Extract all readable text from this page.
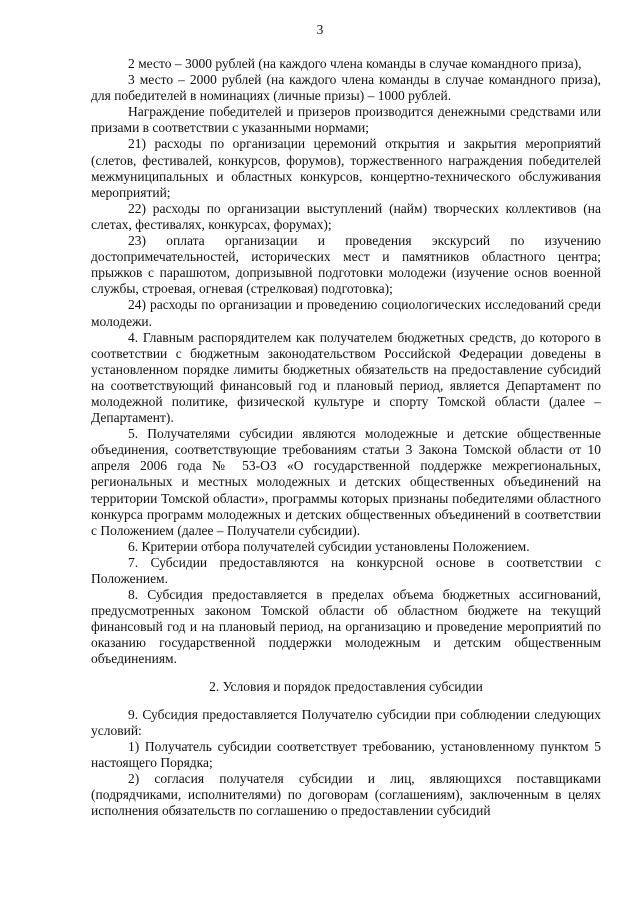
3

2 место – 3000 рублей (на каждого члена команды в случае командного приза),

3 место – 2000 рублей (на каждого члена команды в случае командного приза), для победителей в номинациях (личные призы) – 1000 рублей.

Награждение победителей и призеров производится денежными средствами или призами в соответствии с указанными нормами;

21) расходы по организации церемоний открытия и закрытия мероприятий (слетов, фестивалей, конкурсов, форумов), торжественного награждения победителей межмуниципальных и областных конкурсов, концертно-технического обслуживания мероприятий;

22) расходы по организации выступлений (найм) творческих коллективов (на слетах, фестивалях, конкурсах, форумах);

23) оплата организации и проведения экскурсий по изучению достопримечательностей, исторических мест и памятников областного центра; прыжков с парашютом, допризывной подготовки молодежи (изучение основ военной службы, строевая, огневая (стрелковая) подготовка);

24) расходы по организации и проведению социологических исследований среди молодежи.

4. Главным распорядителем как получателем бюджетных средств, до которого в соответствии с бюджетным законодательством Российской Федерации доведены в установленном порядке лимиты бюджетных обязательств на предоставление субсидий на соответствующий финансовый год и плановый период, является Департамент по молодежной политике, физической культуре и спорту Томской области (далее – Департамент).

5. Получателями субсидии являются молодежные и детские общественные объединения, соответствующие требованиям статьи 3 Закона Томской области от 10 апреля 2006 года № 53-ОЗ «О государственной поддержке межрегиональных, региональных и местных молодежных и детских общественных объединений на территории Томской области», программы которых признаны победителями областного конкурса программ молодежных и детских общественных объединений в соответствии с Положением (далее – Получатели субсидии).

6. Критерии отбора получателей субсидии установлены Положением.

7. Субсидии предоставляются на конкурсной основе в соответствии с Положением.

8. Субсидия предоставляется в пределах объема бюджетных ассигнований, предусмотренных законом Томской области об областном бюджете на текущий финансовый год и на плановый период, на организацию и проведение мероприятий по оказанию государственной поддержки молодежным и детским общественным объединениям.

2. Условия и порядок предоставления субсидии

9. Субсидия предоставляется Получателю субсидии при соблюдении следующих условий:

1) Получатель субсидии соответствует требованию, установленному пунктом 5 настоящего Порядка;

2) согласия получателя субсидии и лиц, являющихся поставщиками (подрядчиками, исполнителями) по договорам (соглашениям), заключенным в целях исполнения обязательств по соглашению о предоставлении субсидий
